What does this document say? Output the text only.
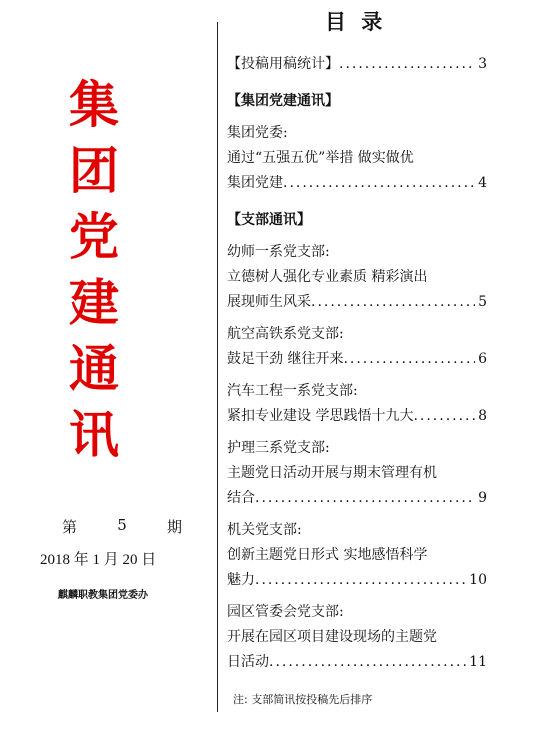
集
团
党
建
通
讯
第	5	期
2018 年 1 月 20 日
麒麟职教集团党委办
目 录
【投稿用稿统计】 .....	3
【集团党建通讯】
集团党委:
通过“五强五优”举措 做实做优
集团党建 .....	4
【支部通讯】
幼师一系党支部:
立德树人强化专业素质 精彩演出
展现师生风采 .....	5
航空高铁系党支部:
鼓足干劲 继往开来 .....	6
汽车工程一系党支部:
紧扣专业建设 学思践悟十九大 .....	8
护理三系党支部:
主题党日活动开展与期末管理有机
结合 .....	9
机关党支部:
创新主题党日形式 实地感悟科学
魅力 .....	10
园区管委会党支部:
开展在园区项目建设现场的主题党
日活动 .....	11
注: 支部简讯按投稿先后排序
